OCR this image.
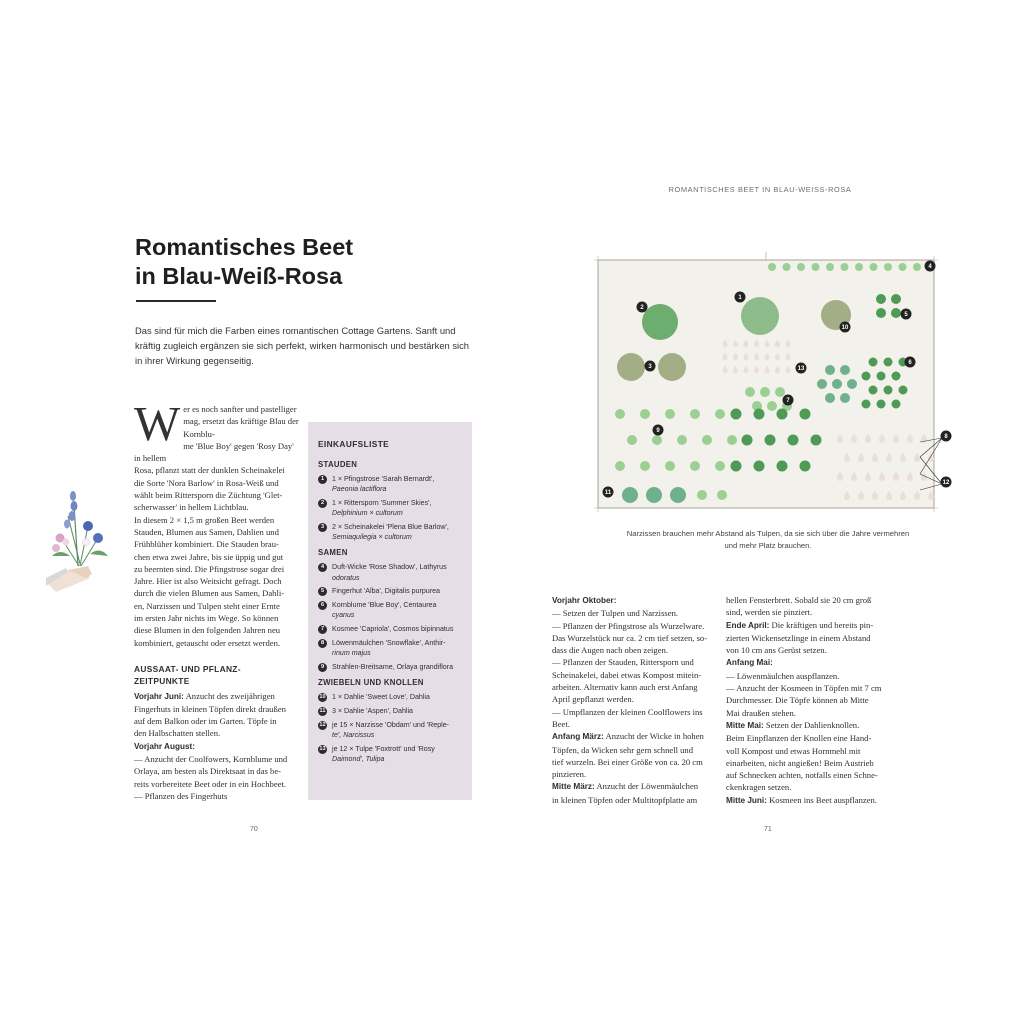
ROMANTISCHES BEET IN BLAU-WEISS-ROSA
Romantisches Beet
in Blau-Weiß-Rosa

Das sind für mich die Farben eines romantischen Cottage Gartens. Sanft und kräftig zugleich ergänzen sie sich perfekt, wirken harmonisch und bestärken sich in ihrer Wirkung gegenseitig.

W er es noch sanfter und pastelliger
mag, ersetzt das kräftige Blau der Kornblu-
me 'Blue Boy' gegen 'Rosy Day' in hellem
Rosa, pflanzt statt der dunklen Scheinakelei
die Sorte 'Nora Barlow' in Rosa-Weiß und
wählt beim Rittersporn die Züchtung 'Glet-
scherwasser' in hellem Lichtblau.
In diesem 2 × 1,5 m großen Beet werden
Stauden, Blumen aus Samen, Dahlien und
Frühblüher kombiniert. Die Stauden brau-
chen etwa zwei Jahre, bis sie üppig und gut
zu beernten sind. Die Pfingstrose sogar drei
Jahre. Hier ist also Weitsicht gefragt. Doch
durch die vielen Blumen aus Samen, Dahli-
en, Narzissen und Tulpen steht einer Ernte
im ersten Jahr nichts im Wege. So können
diese Blumen in den folgenden Jahren neu
kombiniert, getauscht oder ersetzt werden.
AUSSAAT- UND PFLANZ-
ZEITPUNKTE
Vorjahr Juni: Anzucht des zweijährigen
Fingerhuts in kleinen Töpfen direkt draußen
auf dem Balkon oder im Garten. Töpfe in
den Halbschatten stellen.
Vorjahr August:
— Anzucht der Coolfowers, Kornblume und
Orlaya, am besten als Direktsaat in das be-
reits vorbereitete Beet oder in ein Hochbeet.
— Pflanzen des Fingerhuts
EINKAUFSLISTE
STAUDEN
1	1 × Pfingstrose 'Sarah Bernardt',
Paeonia lactiflora
2	1 × Rittersporn 'Summer Skies',
Delphinium × cultorum
3	2 × Scheinakelei 'Plena Blue Barlow',
Semiaquilegia × cultorum
SAMEN
4	Duft-Wicke 'Rose Shadow', Lathyrus
odoratus
5	Fingerhut 'Alba', Digitalis purpurea
6	Kornblume 'Blue Boy', Centaurea
cyanus
7	Kosmee 'Capriola', Cosmos bipinnatus
8	Löwenmäulchen 'Snowflake', Anthir-
rinum majus
9	Strahlen-Breitsame, Orlaya grandiflora
ZWIEBELN UND KNOLLEN
10 1 × Dahlie 'Sweet Love', Dahlia
11 3 × Dahlie 'Aspen', Dahlia
12 je 15 × Narzisse 'Obdam' und 'Reple-
te', Narcissus
13 je 12 × Tulpe 'Foxtrott' und 'Rosy
Daimond', Tulipa
70
1
2
3
4
5
6
7
8
9
10
11
12
13
Narzissen brauchen mehr Abstand als Tulpen, da sie sich über die Jahre vermehren
und mehr Platz brauchen.
Vorjahr Oktober:
— Setzen der Tulpen und Narzissen.
— Pflanzen der Pfingstrose als Wurzelware.
Das Wurzelstück nur ca. 2 cm tief setzen, so-
dass die Augen nach oben zeigen.
— Pflanzen der Stauden, Rittersporn und
Scheinakelei, dabei etwas Kompost mitein-
arbeiten. Alternativ kann auch erst Anfang
April gepflanzt werden.
— Umpflanzen der kleinen Coolflowers ins
Beet.
Anfang März: Anzucht der Wicke in hohen
Töpfen, da Wicken sehr gern schnell und
tief wurzeln. Bei einer Größe von ca. 20 cm
pinzieren.
Mitte März: Anzucht der Löwenmäulchen
in kleinen Töpfen oder Multitopfplatte am
hellen Fensterbrett. Sobald sie 20 cm groß
sind, werden sie pinziert.
Ende April: Die kräftigen und bereits pin-
zierten Wickensetzlinge in einem Abstand
von 10 cm ans Gerüst setzen.
Anfang Mai:
— Löwenmäulchen auspflanzen.
— Anzucht der Kosmeen in Töpfen mit 7 cm
Durchmesser. Die Töpfe können ab Mitte
Mai draußen stehen.
Mitte Mai: Setzen der Dahlienknollen.
Beim Einpflanzen der Knollen eine Hand-
voll Kompost und etwas Hornmehl mit
einarbeiten, nicht angießen! Beim Austrieb
auf Schnecken achten, notfalls einen Schne-
ckenkragen setzen.
Mitte Juni: Kosmeen ins Beet auspflanzen.
71
